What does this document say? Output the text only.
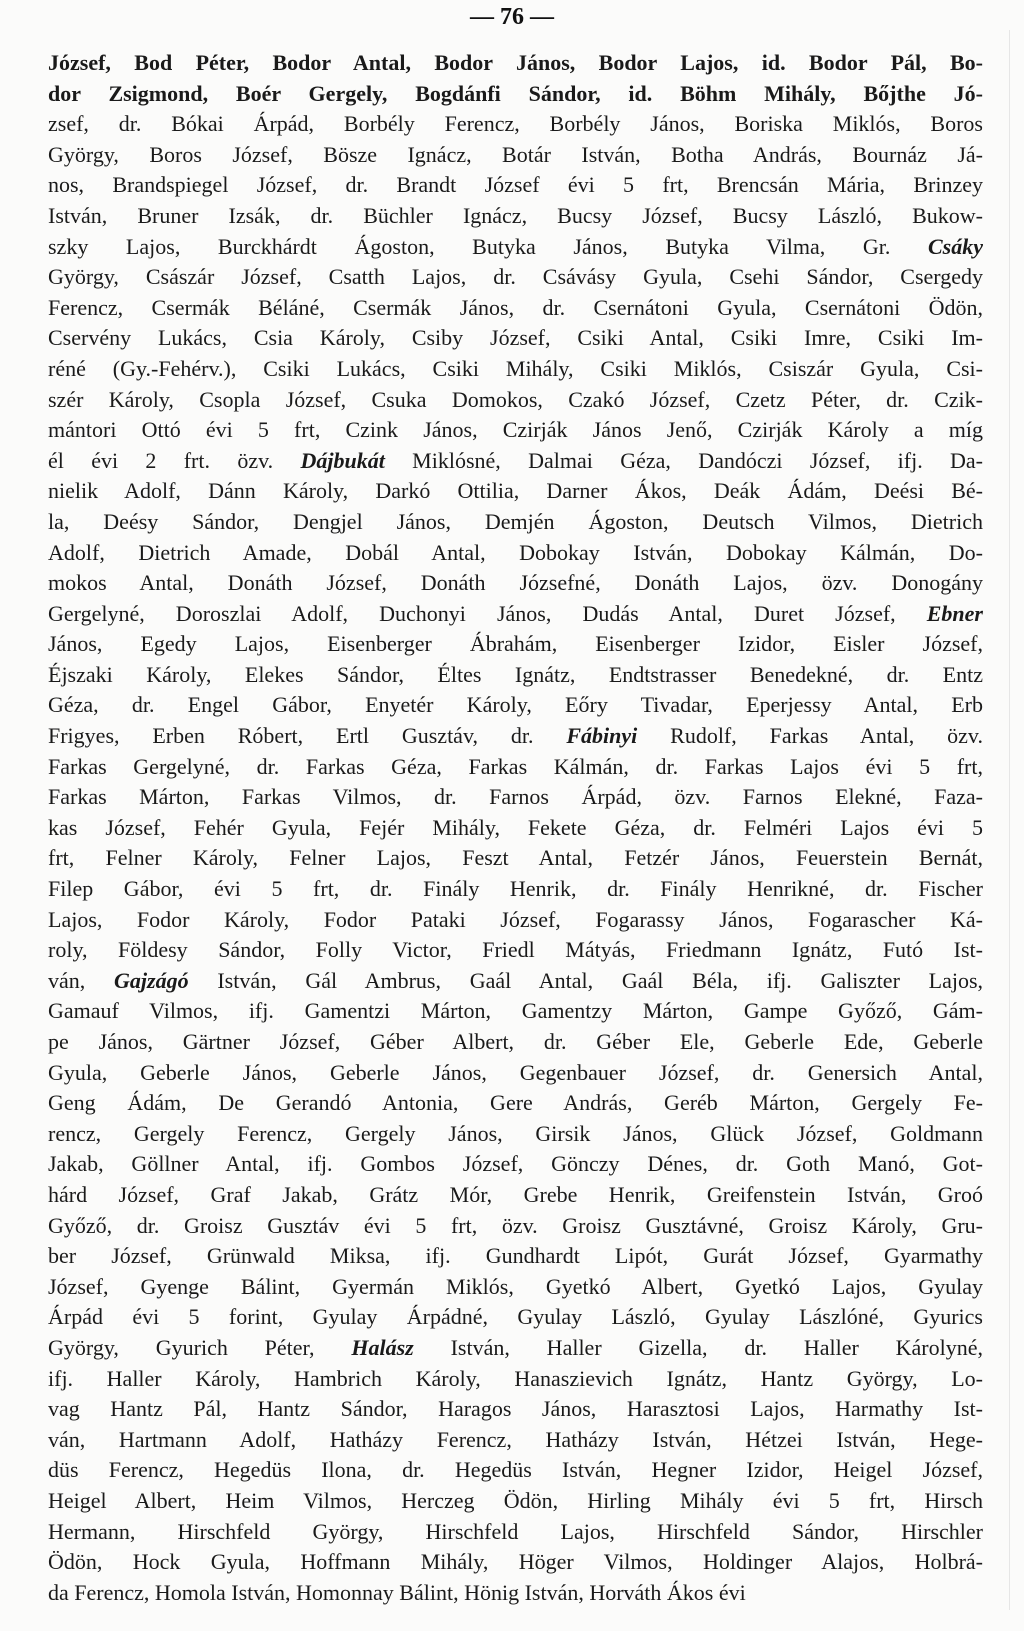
— 76 —
József, Bod Péter, Bodor Antal, Bodor János, Bodor Lajos, id. Bodor Pál, Bo-
dor Zsigmond, Boér Gergely, Bogdánfi Sándor, id. Böhm Mihály, Bőjthe Jó-
zsef, dr. Bókai Árpád, Borbély Ferencz, Borbély János, Boriska Miklós, Boros
György, Boros József, Bösze Ignácz, Botár István, Botha András, Bournáz Já-
nos, Brandspiegel József, dr. Brandt József évi 5 frt, Brencsán Mária, Brinzey
István, Bruner Izsák, dr. Büchler Ignácz, Bucsy József, Bucsy László, Bukow-
szky Lajos, Burckhárdt Ágoston, Butyka János, Butyka Vilma, Gr. Csáky
György, Császár József, Csatth Lajos, dr. Csávásy Gyula, Csehi Sándor, Csergedy
Ferencz, Csermák Béláné, Csermák János, dr. Csernátoni Gyula, Csernátoni Ödön,
Cservény Lukács, Csia Károly, Csiby József, Csiki Antal, Csiki Imre, Csiki Im-
réné (Gy.-Fehérv.), Csiki Lukács, Csiki Mihály, Csiki Miklós, Csiszár Gyula, Csi-
szér Károly, Csopla József, Csuka Domokos, Czakó József, Czetz Péter, dr. Czik-
mántori Ottó évi 5 frt, Czink János, Czirják János Jenő, Czirják Károly a míg
él évi 2 frt. özv. Dájbukát Miklósné, Dalmai Géza, Dandóczi József, ifj. Da-
nielik Adolf, Dánn Károly, Darkó Ottilia, Darner Ákos, Deák Ádám, Deési Bé-
la, Deésy Sándor, Dengjel János, Demjén Ágoston, Deutsch Vilmos, Dietrich
Adolf, Dietrich Amade, Dobál Antal, Dobokay István, Dobokay Kálmán, Do-
mokos Antal, Donáth József, Donáth Józsefné, Donáth Lajos, özv. Donogány
Gergelyné, Doroszlai Adolf, Duchonyi János, Dudás Antal, Duret József, Ebner
János, Egedy Lajos, Eisenberger Ábrahám, Eisenberger Izidor, Eisler József,
Éjszaki Károly, Elekes Sándor, Éltes Ignátz, Endtstrasser Benedekné, dr. Entz
Géza, dr. Engel Gábor, Enyetér Károly, Eőry Tivadar, Eperjessy Antal, Erb
Frigyes, Erben Róbert, Ertl Gusztáv, dr. Fábinyi Rudolf, Farkas Antal, özv.
Farkas Gergelyné, dr. Farkas Géza, Farkas Kálmán, dr. Farkas Lajos évi 5 frt,
Farkas Márton, Farkas Vilmos, dr. Farnos Árpád, özv. Farnos Elekné, Faza-
kas József, Fehér Gyula, Fejér Mihály, Fekete Géza, dr. Felméri Lajos évi 5
frt, Felner Károly, Felner Lajos, Feszt Antal, Fetzér János, Feuerstein Bernát,
Filep Gábor, évi 5 frt, dr. Finály Henrik, dr. Finály Henrikné, dr. Fischer
Lajos, Fodor Károly, Fodor Pataki József, Fogarassy János, Fogarascher Ká-
roly, Földesy Sándor, Folly Victor, Friedl Mátyás, Friedmann Ignátz, Futó Ist-
ván, Gajzágó István, Gál Ambrus, Gaál Antal, Gaál Béla, ifj. Galiszter Lajos,
Gamauf Vilmos, ifj. Gamentzi Márton, Gamentzy Márton, Gampe Győző, Gám-
pe János, Gärtner József, Géber Albert, dr. Géber Ele, Geberle Ede, Geberle
Gyula, Geberle János, Geberle János, Gegenbauer József, dr. Genersich Antal,
Geng Ádám, De Gerandó Antonia, Gere András, Geréb Márton, Gergely Fe-
rencz, Gergely Ferencz, Gergely János, Girsik János, Glück József, Goldmann
Jakab, Göllner Antal, ifj. Gombos József, Gönczy Dénes, dr. Goth Manó, Got-
hárd József, Graf Jakab, Grátz Mór, Grebe Henrik, Greifenstein István, Groó
Győző, dr. Groisz Gusztáv évi 5 frt, özv. Groisz Gusztávné, Groisz Károly, Gru-
ber József, Grünwald Miksa, ifj. Gundhardt Lipót, Gurát József, Gyarmathy
József, Gyenge Bálint, Gyermán Miklós, Gyetkó Albert, Gyetkó Lajos, Gyulay
Árpád évi 5 forint, Gyulay Árpádné, Gyulay László, Gyulay Lászlóné, Gyurics
György, Gyurich Péter, Halász István, Haller Gizella, dr. Haller Károlyné,
ifj. Haller Károly, Hambrich Károly, Hanaszievich Ignátz, Hantz György, Lo-
vag Hantz Pál, Hantz Sándor, Haragos János, Harasztosi Lajos, Harmathy Ist-
ván, Hartmann Adolf, Hatházy Ferencz, Hatházy István, Hétzei István, Hege-
düs Ferencz, Hegedüs Ilona, dr. Hegedüs István, Hegner Izidor, Heigel József,
Heigel Albert, Heim Vilmos, Herczeg Ödön, Hirling Mihály évi 5 frt, Hirsch
Hermann, Hirschfeld György, Hirschfeld Lajos, Hirschfeld Sándor, Hirschler
Ödön, Hock Gyula, Hoffmann Mihály, Höger Vilmos, Holdinger Alajos, Holbrá-
da Ferencz, Homola István, Homonnay Bálint, Hönig István, Horváth Ákos évi
